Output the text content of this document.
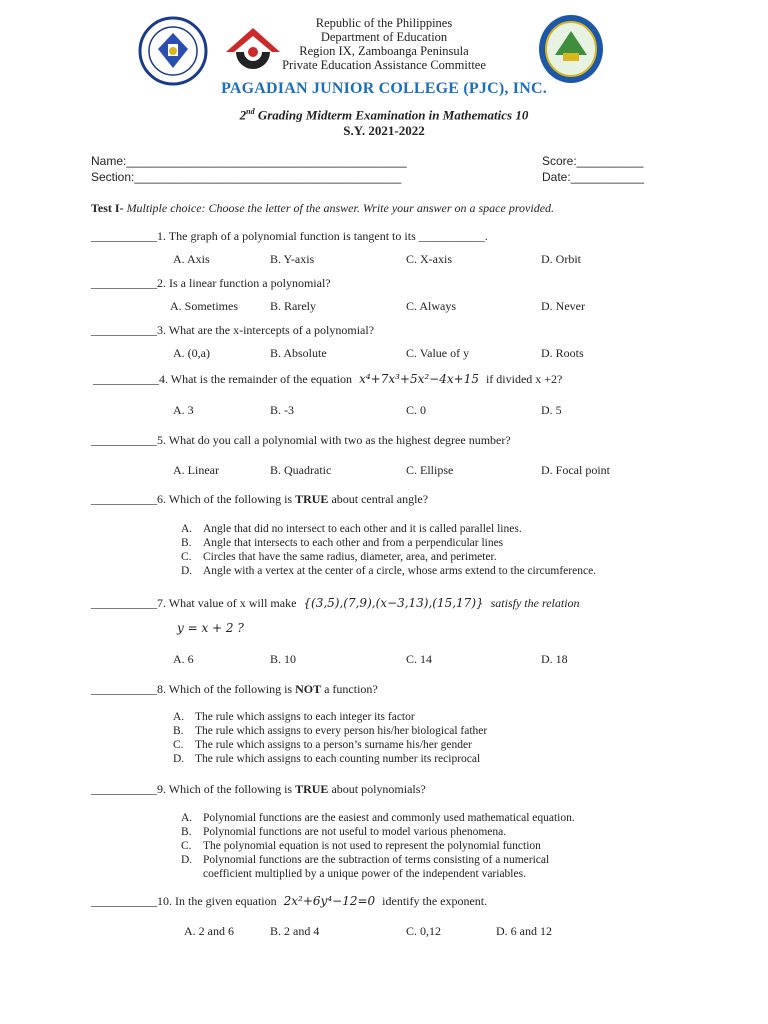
Republic of the Philippines
Department of Education
Region IX, Zamboanga Peninsula
Private Education Assistance Committee
PAGADIAN JUNIOR COLLEGE (PJC), INC.
2nd Grading Midterm Examination in Mathematics 10
S.Y. 2021-2022
Name:__________________________________________
Section:________________________________________
Score:__________
Date:___________
Test I- Multiple choice: Choose the letter of the answer. Write your answer on a space provided.
___________1. The graph of a polynomial function is tangent to its ___________.
A. Axis	B. Y-axis	C. X-axis	D. Orbit
___________2. Is a linear function a polynomial?
A. Sometimes	B. Rarely	C. Always	D. Never
___________3. What are the x-intercepts of a polynomial?
A. (0,a)	B. Absolute	C. Value of y	D. Roots
___________4. What is the remainder of the equation x⁴+7x³+5x²−4x+15 if divided x +2?
A. 3	B. -3	C. 0	D. 5
___________5. What do you call a polynomial with two as the highest degree number?
A. Linear	B. Quadratic	C. Ellipse	D. Focal point
___________6. Which of the following is TRUE about central angle?
A. Angle that did no intersect to each other and it is called parallel lines.
B. Angle that intersects to each other and from a perpendicular lines
C. Circles that have the same radius, diameter, area, and perimeter.
D. Angle with a vertex at the center of a circle, whose arms extend to the circumference.
___________7. What value of x will make {(3,5),(7,9),(x−3,13),(15,17)} satisfy the relation
y = x + 2 ?
A. 6	B. 10	C. 14	D. 18
___________8. Which of the following is NOT a function?
A. The rule which assigns to each integer its factor
B. The rule which assigns to every person his/her biological father
C. The rule which assigns to a person’s surname his/her gender
D. The rule which assigns to each counting number its reciprocal
___________9. Which of the following is TRUE about polynomials?
A. Polynomial functions are the easiest and commonly used mathematical equation.
B. Polynomial functions are not useful to model various phenomena.
C. The polynomial equation is not used to represent the polynomial function
D. Polynomial functions are the subtraction of terms consisting of a numerical
coefficient multiplied by a unique power of the independent variables.
___________10. In the given equation 2x²+6y⁴−12=0 identify the exponent.
A. 2 and 6	B. 2 and 4	C. 0,12	D. 6 and 12
